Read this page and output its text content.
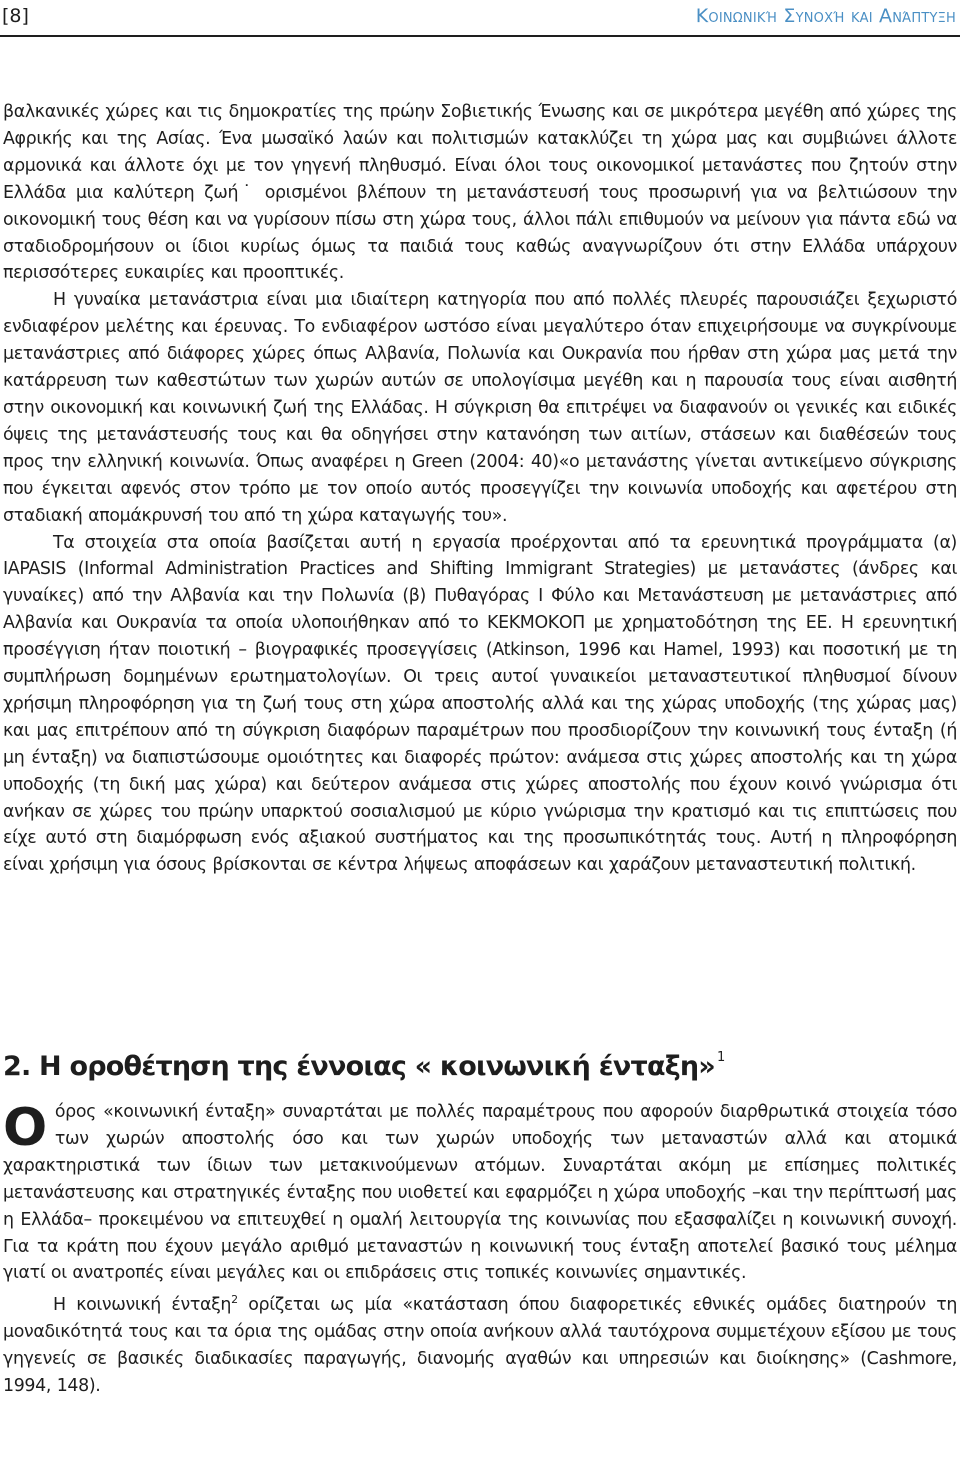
[8]	Κοινωνική Συνοχή και Ανάπτυξη

βαλκανικές χώρες και τις δημοκρατίες της πρώην Σοβιετικής Ένωσης και σε μικρότερα μεγέθη από χώρες της Αφρικής και της Ασίας. Ένα μωσαϊκό λαών και πολιτισμών κατακλύζει τη χώρα μας και συμβιώνει άλλοτε αρμονικά και άλλοτε όχι με τον γηγενή πληθυσμό. Είναι όλοι τους οικονομικοί μετανάστες που ζητούν στην Ελλάδα μια καλύτερη ζωή˙ ορισμένοι βλέπουν τη μετανάστευσή τους προσωρινή για να βελτιώσουν την οικονομική τους θέση και να γυρίσουν πίσω στη χώρα τους, άλλοι πάλι επιθυμούν να μείνουν για πάντα εδώ να σταδιοδρομήσουν οι ίδιοι κυρίως όμως τα παιδιά τους καθώς αναγνωρίζουν ότι στην Ελλάδα υπάρχουν περισσότερες ευκαιρίες και προοπτικές.

Η γυναίκα μετανάστρια είναι μια ιδιαίτερη κατηγορία που από πολλές πλευρές παρουσιάζει ξεχωριστό ενδιαφέρον μελέτης και έρευνας. Το ενδιαφέρον ωστόσο είναι μεγαλύτερο όταν επιχειρήσουμε να συγκρίνουμε μετανάστριες από διάφορες χώρες όπως Αλβανία, Πολωνία και Ουκρανία που ήρθαν στη χώρα μας μετά την κατάρρευση των καθεστώτων των χωρών αυτών σε υπολογίσιμα μεγέθη και η παρουσία τους είναι αισθητή στην οικονομική και κοινωνική ζωή της Ελλάδας. Η σύγκριση θα επιτρέψει να διαφανούν οι γενικές και ειδικές όψεις της μετανάστευσής τους και θα οδηγήσει στην κατανόηση των αιτίων, στάσεων και διαθέσεών τους προς την ελληνική κοινωνία. Όπως αναφέρει η Green (2004: 40)«ο μετανάστης γίνεται αντικείμενο σύγκρισης που έγκειται αφενός στον τρόπο με τον οποίο αυτός προσεγγίζει την κοινωνία υποδοχής και αφετέρου στη σταδιακή απομάκρυνσή του από τη χώρα καταγωγής του».

Τα στοιχεία στα οποία βασίζεται αυτή η εργασία προέρχονται από τα ερευνητικά προγράμματα (α) IAPASIS (Informal Administration Practices and Shifting Immigrant Strategies) με μετανάστες (άνδρες και γυναίκες) από την Αλβανία και την Πολωνία (β) Πυθαγόρας Ι Φύλο και Μετανάστευση με μετανάστριες από Αλβανία και Ουκρανία τα οποία υλοποιήθηκαν από το ΚΕΚΜΟΚΟΠ με χρηματοδότηση της ΕΕ. Η ερευνητική προσέγγιση ήταν ποιοτική – βιογραφικές προσεγγίσεις (Atkinson, 1996 και Hamel, 1993) και ποσοτική με τη συμπλήρωση δομημένων ερωτηματολογίων. Οι τρεις αυτοί γυναικείοι μεταναστευτικοί πληθυσμοί δίνουν χρήσιμη πληροφόρηση για τη ζωή τους στη χώρα αποστολής αλλά και της χώρας υποδοχής (της χώρας μας) και μας επιτρέπουν από τη σύγκριση διαφόρων παραμέτρων που προσδιορίζουν την κοινωνική τους ένταξη (ή μη ένταξη) να διαπιστώσουμε ομοιότητες και διαφορές πρώτον: ανάμεσα στις χώρες αποστολής και τη χώρα υποδοχής (τη δική μας χώρα) και δεύτερον ανάμεσα στις χώρες αποστολής που έχουν κοινό γνώρισμα ότι ανήκαν σε χώρες του πρώην υπαρκτού σοσιαλισμού με κύριο γνώρισμα την κρατισμό και τις επιπτώσεις που είχε αυτό στη διαμόρφωση ενός αξιακού συστήματος και της προσωπικότητάς τους. Αυτή η πληροφόρηση είναι χρήσιμη για όσους βρίσκονται σε κέντρα λήψεως αποφάσεων και χαράζουν μεταναστευτική πολιτική.

2. Η οροθέτηση της έννοιας « κοινωνική ένταξη» $^1$

Οόρος «κοινωνική ένταξη» συναρτάται με πολλές παραμέτρους που αφορούν διαρθρωτικά στοιχεία τόσο των χωρών αποστολής όσο και των χωρών υποδοχής των μεταναστών αλλά και ατομικά χαρακτηριστικά των ίδιων των μετακινούμενων ατόμων. Συναρτάται ακόμη με επίσημες πολιτικές μετανάστευσης και στρατηγικές ένταξης που υιοθετεί και εφαρμόζει η χώρα υποδοχής –και την περίπτωσή μας η Ελλάδα– προκειμένου να επιτευχθεί η ομαλή λειτουργία της κοινωνίας που εξασφαλίζει η κοινωνική συνοχή. Για τα κράτη που έχουν μεγάλο αριθμό μεταναστών η κοινωνική τους ένταξη αποτελεί βασικό τους μέλημα γιατί οι ανατροπές είναι μεγάλες και οι επιδράσεις στις τοπικές κοινωνίες σημαντικές.

Η κοινωνική ένταξη$^2$ ορίζεται ως μία «κατάσταση όπου διαφορετικές εθνικές ομάδες διατηρούν τη μοναδικότητά τους και τα όρια της ομάδας στην οποία ανήκουν αλλά ταυτόχρονα συμμετέχουν εξίσου με τους γηγενείς σε βασικές διαδικασίες παραγωγής, διανομής αγαθών και υπηρεσιών και διοίκησης» (Cashmore, 1994, 148).
